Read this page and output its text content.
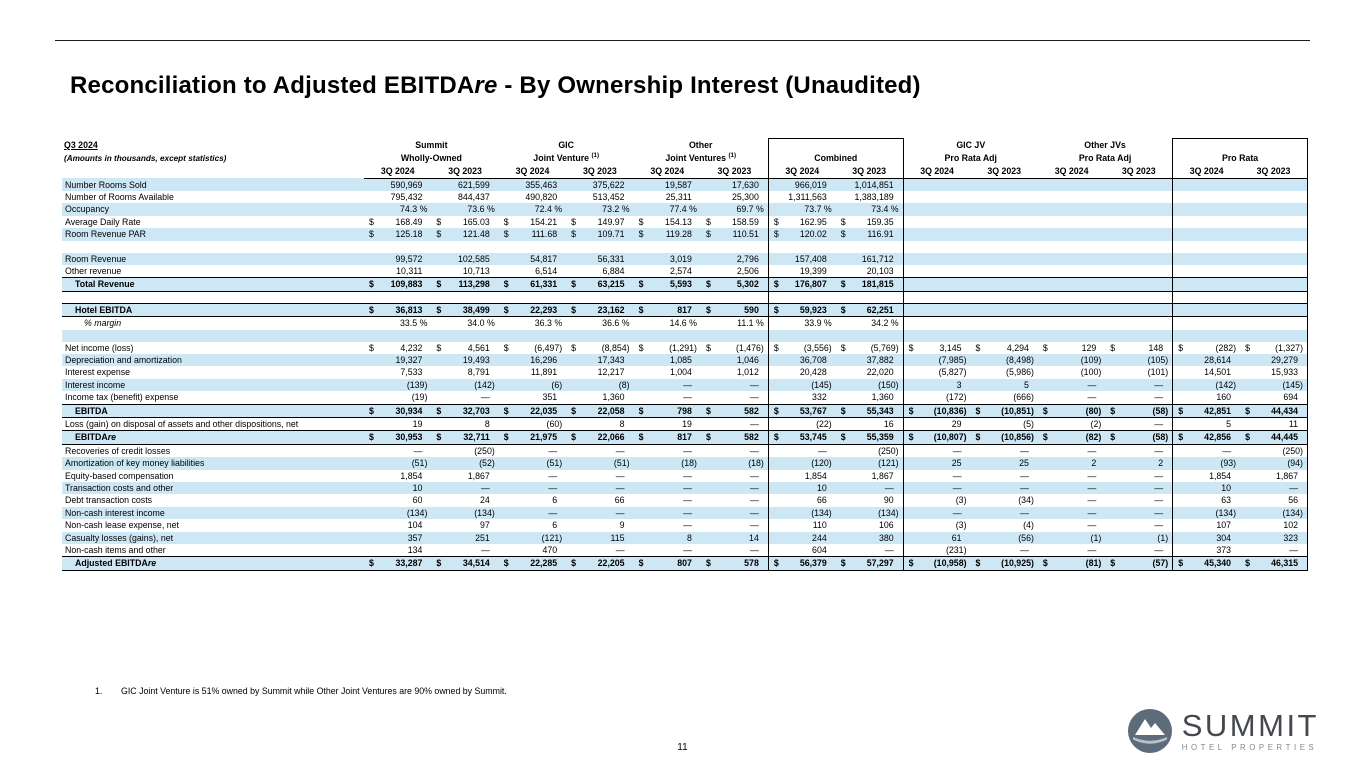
Reconciliation to Adjusted EBITDAre - By Ownership Interest (Unaudited)
Q3 2024	Summit		GIC		Other				GIC JV		Other JVs			
(Amounts in thousands, except statistics)	Wholly-Owned		Joint Venture $^{(1)}$		Joint Ventures $^{(1)}$		Combined		Pro Rata Adj		Pro Rata Adj		Pro Rata	
	3Q 2024	3Q 2023	3Q 2024	3Q 2023	3Q 2024	3Q 2023	3Q 2024	3Q 2023	3Q 2024	3Q 2023	3Q 2024	3Q 2023	3Q 2024	3Q 2023
Number Rooms Sold	590,969	621,599	355,463	375,622	19,587	17,630	966,019	1,014,851						
Number of Rooms Available	795,432	844,437	490,820	513,452	25,311	25,300	1,311,563	1,383,189						
Occupancy	74.3 %	73.6 %	72.4 %	73.2 %	77.4 %	69.7 %	73.7 %	73.4 %						
Average Daily Rate	$ 168.49	$ 165.03	$ 154.21	$ 149.97	$ 154.13	$ 158.59	$ 162.95	$ 159.35						
Room Revenue PAR	$ 125.18	$ 121.48	$ 111.68	$ 109.71	$ 119.28	$ 110.51	$ 120.02	$ 116.91						

Room Revenue	99,572	102,585	54,817	56,331	3,019	2,796	157,408	161,712						
Other revenue	10,311	10,713	6,514	6,884	2,574	2,506	19,399	20,103						
Total Revenue	$ 109,883	$ 113,298	$ 61,331	$ 63,215	$ 5,593	$ 5,302	$ 176,807	$ 181,815						

Hotel EBITDA	$ 36,813	$ 38,499	$ 22,293	$ 23,162	$ 817	$ 590	$ 59,923	$ 62,251						
% margin	33.5 %	34.0 %	36.3 %	36.6 %	14.6 %	11.1 %	33.9 %	34.2 %						

Net income (loss)	$ 4,232	$ 4,561	$ (6,497)	$ (8,854)	$ (1,291)	$ (1,476)	$ (3,556)	$ (5,769)	$ 3,145	$ 4,294	$ 129	$ 148	$ (282)	$ (1,327)
Depreciation and amortization	19,327	19,493	16,296	17,343	1,085	1,046	36,708	37,882	(7,985)	(8,498)	(109)	(105)	28,614	29,279
Interest expense	7,533	8,791	11,891	12,217	1,004	1,012	20,428	22,020	(5,827)	(5,986)	(100)	(101)	14,501	15,933
Interest income	(139)	(142)	(6)	(8)	—	—	(145)	(150)	3	5	—	—	(142)	(145)
Income tax (benefit) expense	(19)	—	351	1,360	—	—	332	1,360	(172)	(666)	—	—	160	694
EBITDA	$ 30,934	$ 32,703	$ 22,035	$ 22,058	$ 798	$ 582	$ 53,767	$ 55,343	$ (10,836)	$ (10,851)	$ (80)	$ (58)	$ 42,851	$ 44,434
Loss (gain) on disposal of assets and other dispositions, net	19	8	(60)	8	19	—	(22)	16	29	(5)	(2)	—	5	11
EBITDAre	$ 30,953	$ 32,711	$ 21,975	$ 22,066	$ 817	$ 582	$ 53,745	$ 55,359	$ (10,807)	$ (10,856)	$ (82)	$ (58)	$ 42,856	$ 44,445
Recoveries of credit losses	—	(250)	—	—	—	—	—	(250)	—	—	—	—	—	(250)
Amortization of key money liabilities	(51)	(52)	(51)	(51)	(18)	(18)	(120)	(121)	25	25	2	2	(93)	(94)
Equity-based compensation	1,854	1,867	—	—	—	—	1,854	1,867	—	—	—	—	1,854	1,867
Transaction costs and other	10	—	—	—	—	—	10	—	—	—	—	—	10	—
Debt transaction costs	60	24	6	66	—	—	66	90	(3)	(34)	—	—	63	56
Non-cash interest income	(134)	(134)	—	—	—	—	(134)	(134)	—	—	—	—	(134)	(134)
Non-cash lease expense, net	104	97	6	9	—	—	110	106	(3)	(4)	—	—	107	102
Casualty losses (gains), net	357	251	(121)	115	8	14	244	380	61	(56)	(1)	(1)	304	323
Non-cash items and other	134	—	470	—	—	—	604	—	(231)	—	—	—	373	—
Adjusted EBITDAre	$ 33,287	$ 34,514	$ 22,285	$ 22,205	$ 807	$ 578	$ 56,379	$ 57,297	$ (10,958)	$ (10,925)	$ (81)	$ (57)	$ 45,340	$ 46,315
1.	GIC Joint Venture is 51% owned by Summit while Other Joint Ventures are 90% owned by Summit.
11
SUMMIT
HOTEL PROPERTIES
